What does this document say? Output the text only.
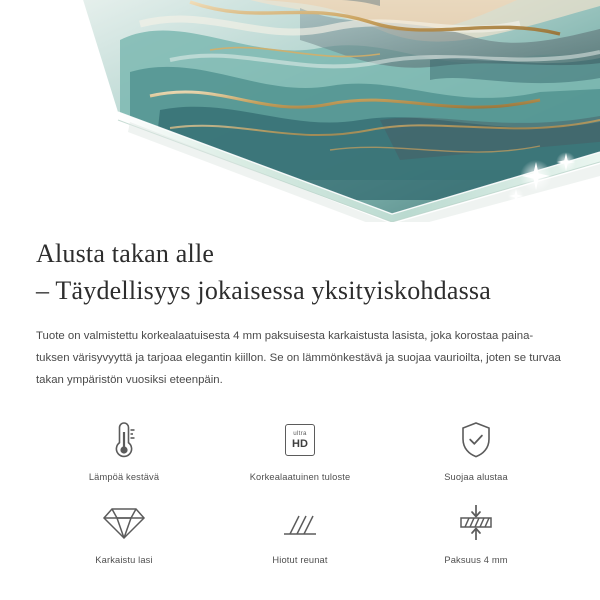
Alusta takan alle
– Täydellisyys jokaisessa yksityiskohdassa

Tuote on valmistettu korkealaatuisesta 4 mm paksuisesta karkaistusta lasista, joka korostaa paina-tuksen värisyvyyttä ja tarjoaa elegantin kiillon. Se on lämmönkestävä ja suojaa vaurioilta, joten se turvaa takan ympäristön vuosiksi eteenpäin.

Lämpöä kestävä
ultra
HD
Korkealaatuinen tuloste	Suojaa alustaa
Karkaistu lasi	Hiotut reunat	Paksuus 4 mm
